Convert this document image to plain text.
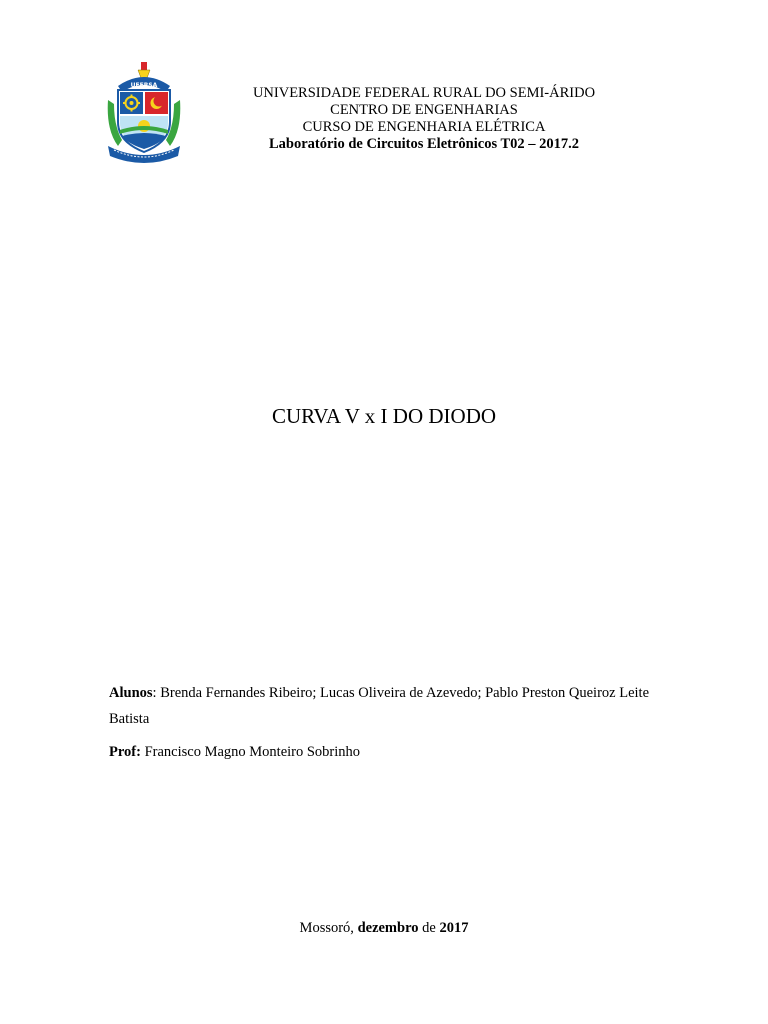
UFERSA	UNIVERSIDADE FEDERAL RURAL DO SEMI-ÁRIDO
CENTRO DE ENGENHARIAS
CURSO DE ENGENHARIA ELÉTRICA
Laboratório de Circuitos Eletrônicos T02 – 2017.2
CURVA V x I DO DIODO
Alunos: Brenda Fernandes Ribeiro; Lucas Oliveira de Azevedo; Pablo Preston Queiroz Leite Batista
Prof: Francisco Magno Monteiro Sobrinho
Mossoró, dezembro de 2017
